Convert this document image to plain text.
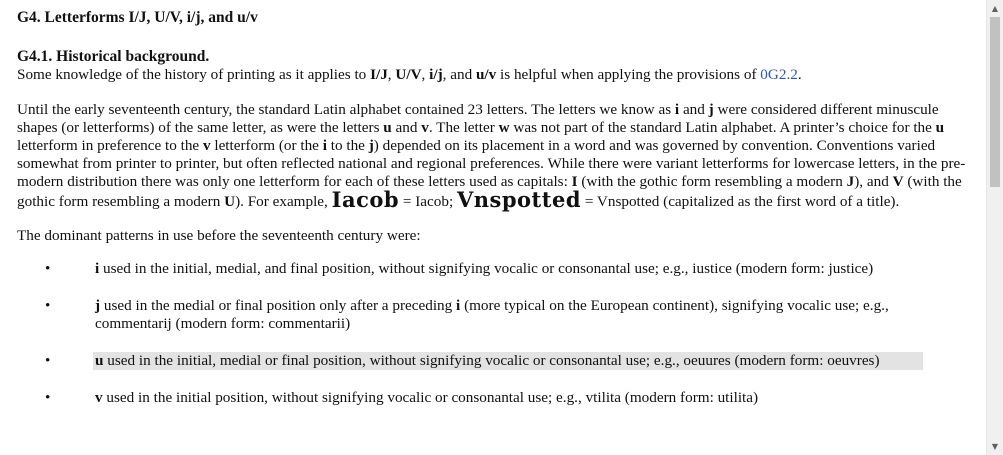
G4. Letterforms I/J, U/V, i/j, and u/v
G4.1. Historical background.

Some knowledge of the history of printing as it applies to I/J, U/V, i/j, and u/v is helpful when applying the provisions of 0G2.2.

Until the early seventeenth century, the standard Latin alphabet contained 23 letters. The letters we know as i and j were considered different minuscule shapes (or letterforms) of the same letter, as were the letters u and v. The letter w was not part of the standard Latin alphabet. A printer’s choice for the u letterform in preference to the v letterform (or the i to the j) depended on its placement in a word and was governed by convention. Conventions varied somewhat from printer to printer, but often reflected national and regional preferences. While there were variant letterforms for lowercase letters, in the pre-modern distribution there was only one letterform for each of these letters used as capitals: I (with the gothic form resembling a modern J), and V (with the gothic form resembling a modern U). For example, Iacob = Iacob; Vnspotted = Vnspotted (capitalized as the first word of a title).

The dominant patterns in use before the seventeenth century were:

•	i used in the initial, medial, and final position, without signifying vocalic or consonantal use; e.g., iustice (modern form: justice)
•	j used in the medial or final position only after a preceding i (more typical on the European continent), signifying vocalic use; e.g., commentarij (modern form: commentarii)
•	u used in the initial, medial or final position, without signifying vocalic or consonantal use; e.g., oeuures (modern form: oeuvres)
•	v used in the initial position, without signifying vocalic or consonantal use; e.g., vtilita (modern form: utilita)
▲
▼
